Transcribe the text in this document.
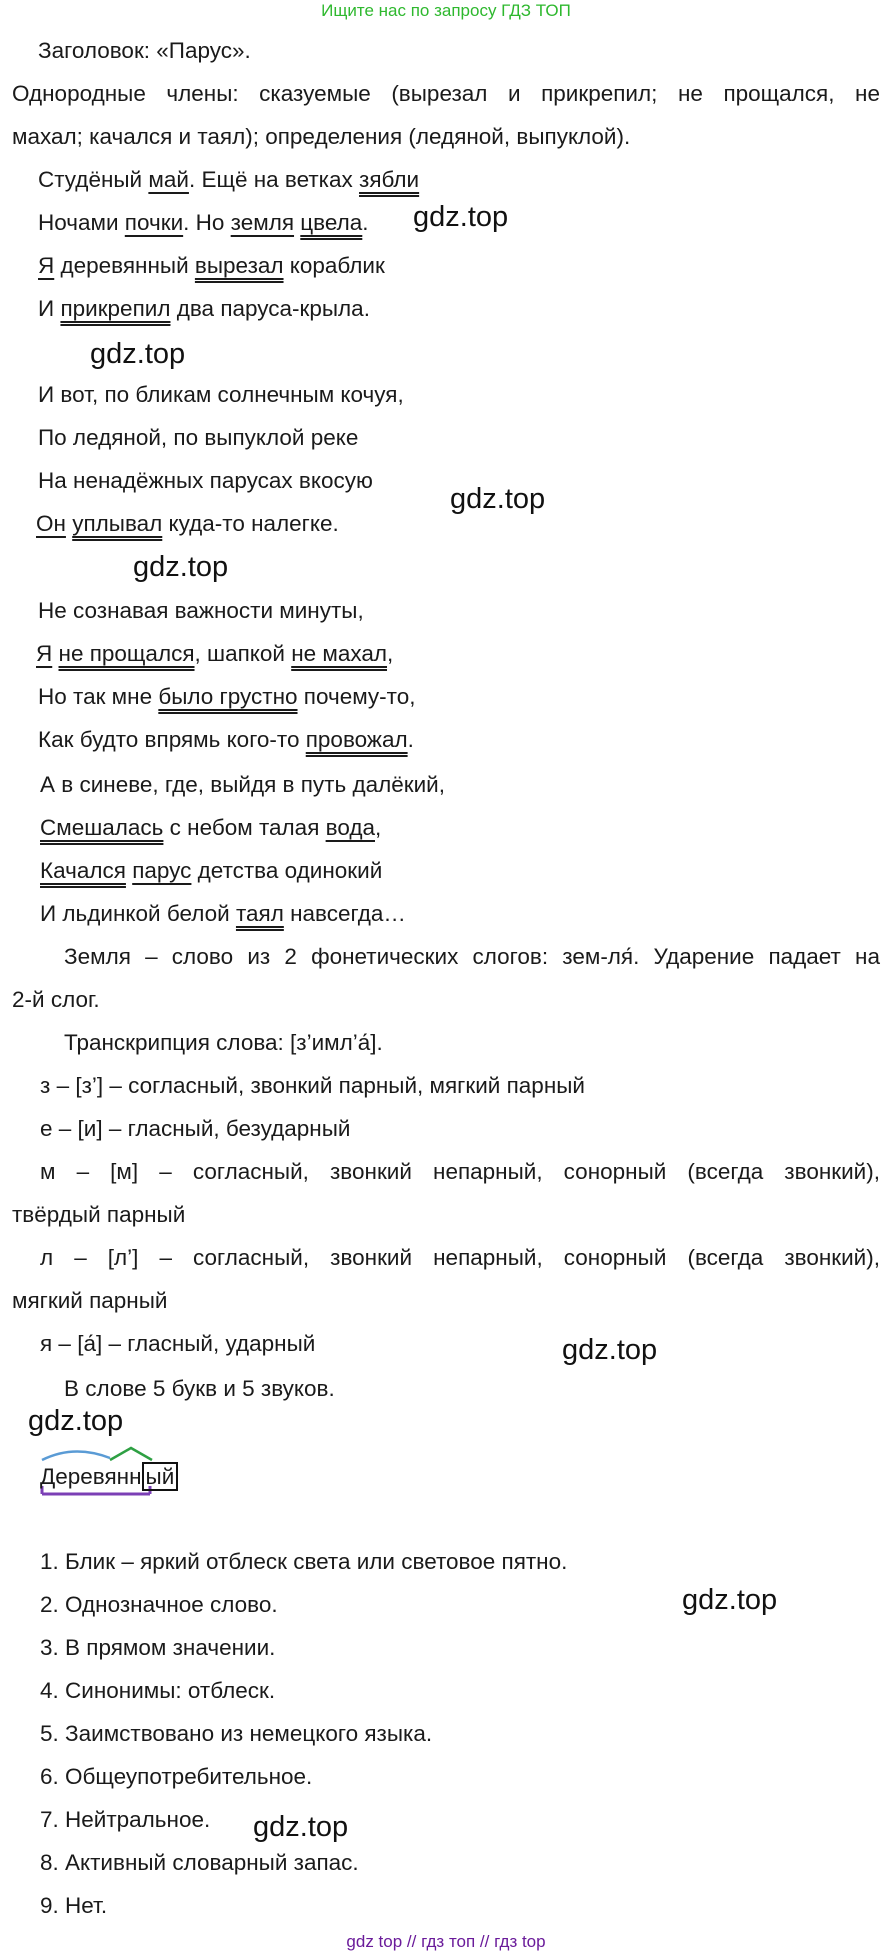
Ищите нас по запросу ГДЗ ТОП
Заголовок: «Парус».
Однородные члены: сказуемые (вырезал и прикрепил; не прощался, не
махал; качался и таял); определения (ледяной, выпуклой).
Студёный май. Ещё на ветках зябли
Ночами почки. Но земля цвела. gdz.top
Я деревянный вырезал кораблик
И прикрепил два паруса-крыла.
gdz.top
И вот, по бликам солнечным кочуя,
По ледяной, по выпуклой реке
На ненадёжных парусах вкосую
gdz.top
Он уплывал куда-то налегке.
gdz.top
Не сознавая важности минуты,
Я не прощался, шапкой не махал,
Но так мне было грустно почему-то,
Как будто впрямь кого-то провожал.
А в синеве, где, выйдя в путь далёкий,
Смешалась с небом талая вода,
Качался парус детства одинокий
И льдинкой белой таял навсегда…
Земля – слово из 2 фонетических слогов: зем-ля́. Ударение падает на
2-й слог.
Транскрипция слова: [з’имл’а́].
з – [з’] – согласный, звонкий парный, мягкий парный
е – [и] – гласный, безударный
м – [м] – согласный, звонкий непарный, сонорный (всегда звонкий),
твёрдый парный
л – [л’] – согласный, звонкий непарный, сонорный (всегда звонкий),
мягкий парный
я – [а́] – гласный, ударный	gdz.top
В слове 5 букв и 5 звуков.
gdz.top
Деревянн ый
1. Блик – яркий отблеск света или световое пятно.
gdz.top
2. Однозначное слово.
3. В прямом значении.
4. Синонимы: отблеск.
5. Заимствовано из немецкого языка.
6. Общеупотребительное.
7. Нейтральное. gdz.top
8. Активный словарный запас.
9. Нет.
gdz top // гдз топ // гдз top
